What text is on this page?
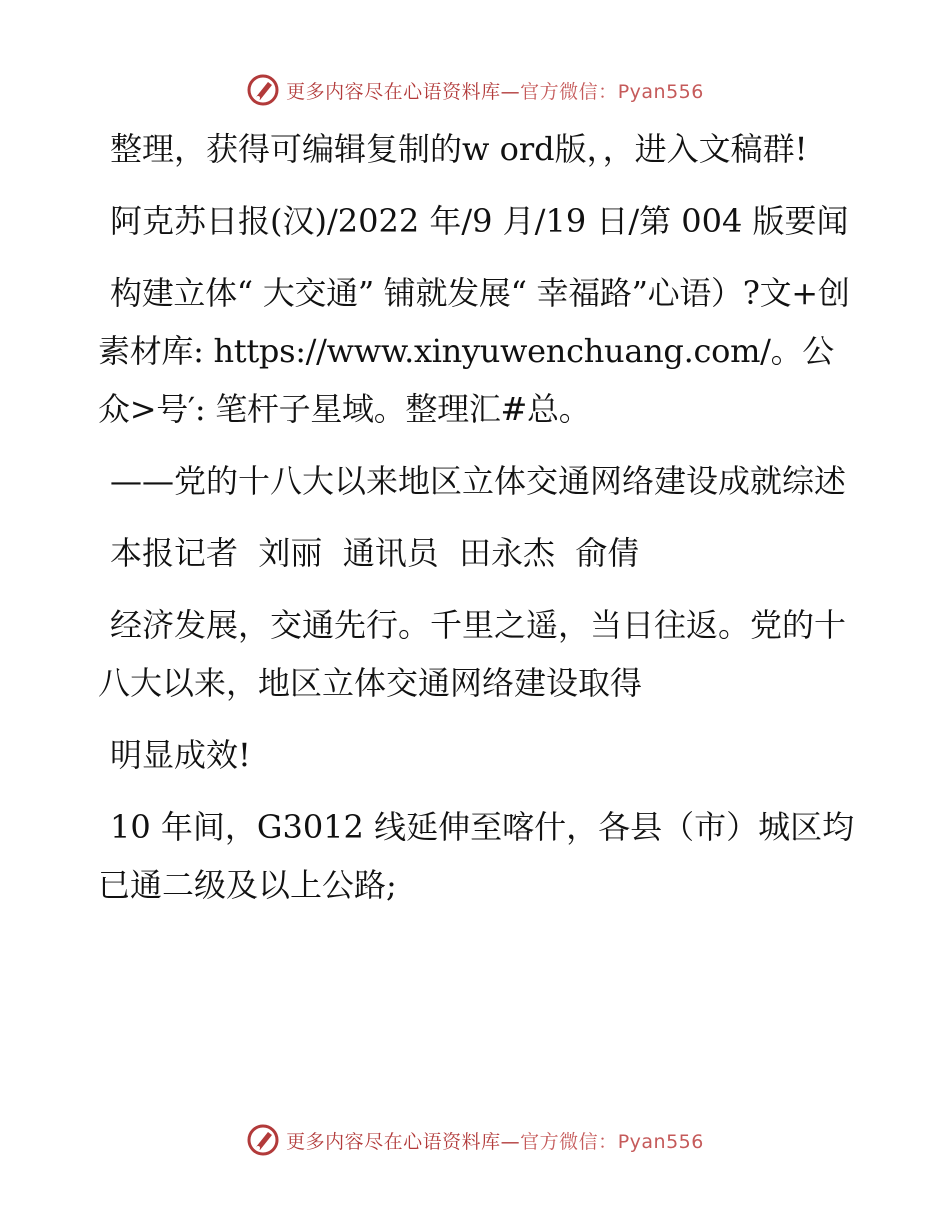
更多内容尽在心语资料库—官方微信：Pyan556

整理，获得可编辑复制的w ord版，，进入文稿群!

阿克苏日报(汉)/2022 年/9 月/19 日/第 004 版要闻

构建立体“ 大交通” 铺就发展“ 幸福路”心语）?文+创素材库: https://www.xinyuwenchuang.com/。公众>号′: 笔杆子星域。整理汇#总。

——党的十八大以来地区立体交通网络建设成就综述

本报记者  刘丽  通讯员  田永杰  俞倩

经济发展，交通先行。千里之遥，当日往返。党的十八大以来，地区立体交通网络建设取得

明显成效!

10 年间，G3012 线延伸至喀什，各县（市）城区均已通二级及以上公路;

更多内容尽在心语资料库—官方微信：Pyan556
